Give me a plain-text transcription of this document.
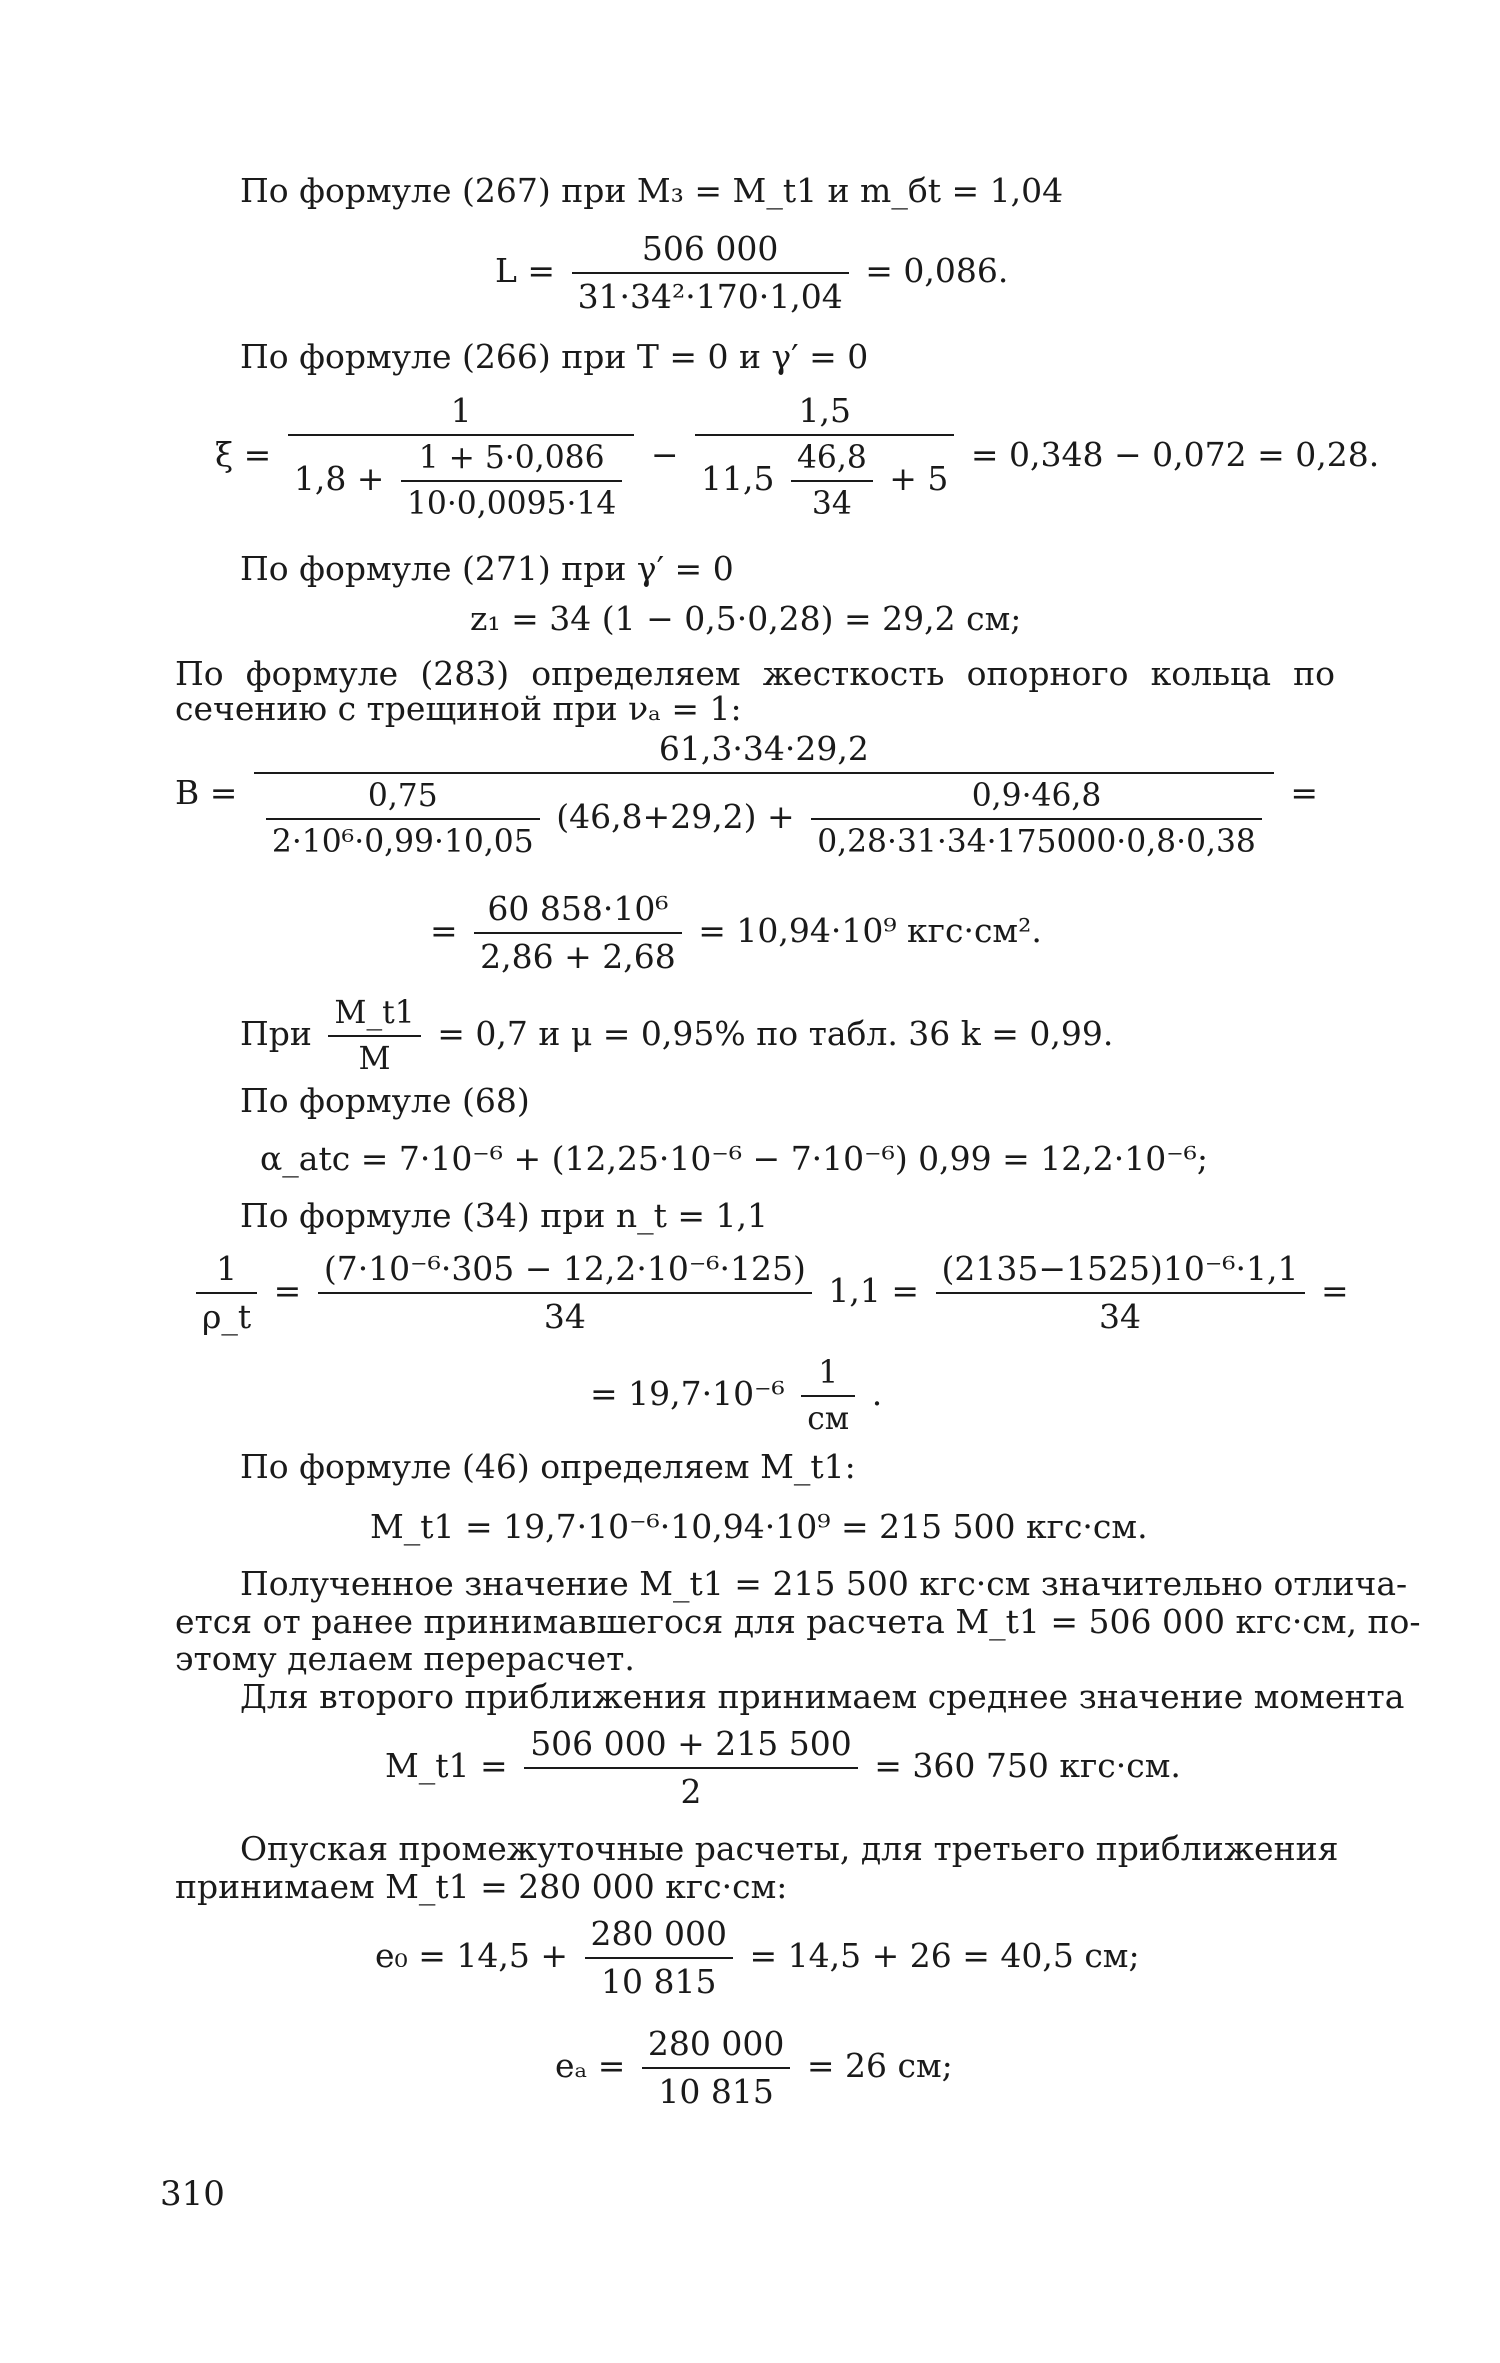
По формуле (267) при M₃ = M_t1 и m_бt = 1,04
$L = \frac{506 000}{\text{31·34²·170·1,04}} = 0,086$.
По формуле (266) при T = 0 и γ′ = 0
$\xi = \frac{1}{1,8 + \frac{1 + 5\cdot 0,086}{10\cdot 0,0095\cdot 14}}$ −
1,5
$11,5 \frac{46,8}{34} + 5$
= 0,348 − 0,072 = 0,28.
По формуле (271) при γ′ = 0
z₁ = 34 (1 − 0,5·0,28) = 29,2 см;
По формуле (283) определяем жесткость опорного кольца по
сечению с трещиной при νₐ = 1:
B =
61,3·34·29,2
$\frac{0,75}{\text{2·10⁶·0,99·10,05}} (46,8+29,2) + \frac{0,9\cdot 46,8}{0,28\cdot 31\cdot 34\cdot 175000\cdot 0,8\cdot 0,38}$ =
= $\frac{\text{60 858·10⁶}}{2,86 + 2,68} = 10,94\cdot 10^9$ кгс·см².
При $\frac{M\_t1}{M} = 0,7$ и μ = 0,95% по табл. 36 k = 0,99.
По формуле (68)
α_atc = 7·10⁻⁶ + (12,25·10⁻⁶ − 7·10⁻⁶) 0,99 = 12,2·10⁻⁶;
По формуле (34) при n_t = 1,1
$\frac{1}{\rho\_t} = \frac{\text{(7·10⁻⁶·305 − 12,2·10⁻⁶·125)}}{34} 1,1 = \frac{\text{(2135−1525)10⁻⁶·1,1}}{34}$ =
= $19,7\cdot 10^{-6} \frac{1}{см}$ .
По формуле (46) определяем M_t1:
M_t1 = 19,7·10⁻⁶·10,94·10⁹ = 215 500 кгс·см.
Полученное значение M_t1 = 215 500 кгс·см значительно отлича-
ется от ранее принимавшегося для расчета M_t1 = 506 000 кгс·см, по-
этому делаем перерасчет.
Для второго приближения принимаем среднее значение момента
M_t1 = $\frac{506 000 + 215 500}{2} = 360$ 750 кгс·см.
Опуская промежуточные расчеты, для третьего приближения
принимаем M_t1 = 280 000 кгс·см:
$e_0 = 14,5 + \frac{280 000}{10 815} = 14,5 + 26 = 40,5$ см;
$e_a = \frac{280 000}{10 815} = 26$ см;
310
